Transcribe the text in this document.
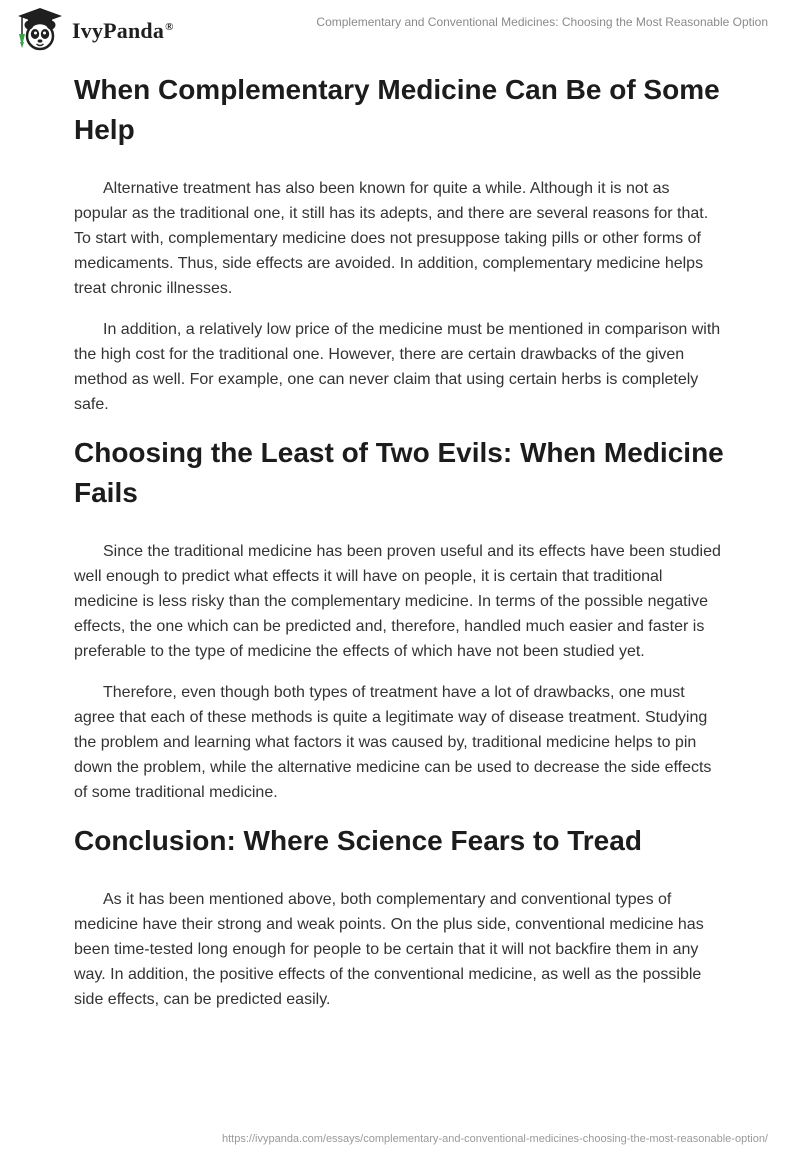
IvyPanda®	Complementary and Conventional Medicines: Choosing the Most Reasonable Option
When Complementary Medicine Can Be of Some Help

Alternative treatment has also been known for quite a while. Although it is not as popular as the traditional one, it still has its adepts, and there are several reasons for that. To start with, complementary medicine does not presuppose taking pills or other forms of medicaments. Thus, side effects are avoided. In addition, complementary medicine helps treat chronic illnesses.

In addition, a relatively low price of the medicine must be mentioned in comparison with the high cost for the traditional one. However, there are certain drawbacks of the given method as well. For example, one can never claim that using certain herbs is completely safe.

Choosing the Least of Two Evils: When Medicine Fails

Since the traditional medicine has been proven useful and its effects have been studied well enough to predict what effects it will have on people, it is certain that traditional medicine is less risky than the complementary medicine. In terms of the possible negative effects, the one which can be predicted and, therefore, handled much easier and faster is preferable to the type of medicine the effects of which have not been studied yet.

Therefore, even though both types of treatment have a lot of drawbacks, one must agree that each of these methods is quite a legitimate way of disease treatment. Studying the problem and learning what factors it was caused by, traditional medicine helps to pin down the problem, while the alternative medicine can be used to decrease the side effects of some traditional medicine.

Conclusion: Where Science Fears to Tread

As it has been mentioned above, both complementary and conventional types of medicine have their strong and weak points. On the plus side, conventional medicine has been time-tested long enough for people to be certain that it will not backfire them in any way. In addition, the positive effects of the conventional medicine, as well as the possible side effects, can be predicted easily.

https://ivypanda.com/essays/complementary-and-conventional-medicines-choosing-the-most-reasonable-option/
